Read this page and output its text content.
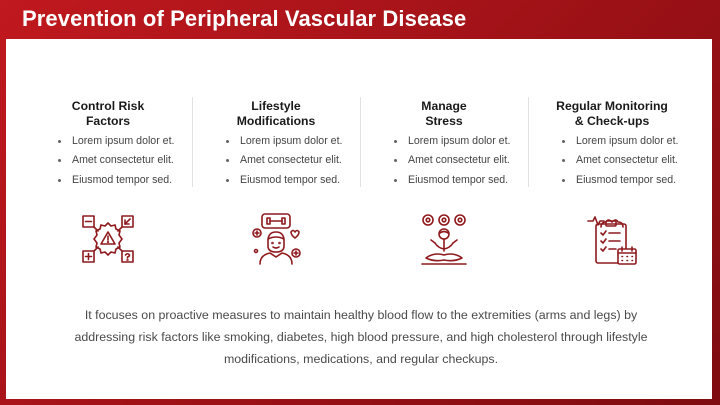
Prevention of Peripheral Vascular Disease
Control Risk
Factors
Lorem ipsum dolor et.
Amet consectetur elit.
Eiusmod tempor sed.
Lifestyle
Modifications
Lorem ipsum dolor et.
Amet consectetur elit.
Eiusmod tempor sed.
Manage
Stress
Lorem ipsum dolor et.
Amet consectetur elit.
Eiusmod tempor sed.
Regular Monitoring
& Check-ups
Lorem ipsum dolor et.
Amet consectetur elit.
Eiusmod tempor sed.

It focuses on proactive measures to maintain healthy blood flow to the extremities (arms and legs) by addressing risk factors like smoking, diabetes, high blood pressure, and high cholesterol through lifestyle modifications, medications, and regular checkups.
